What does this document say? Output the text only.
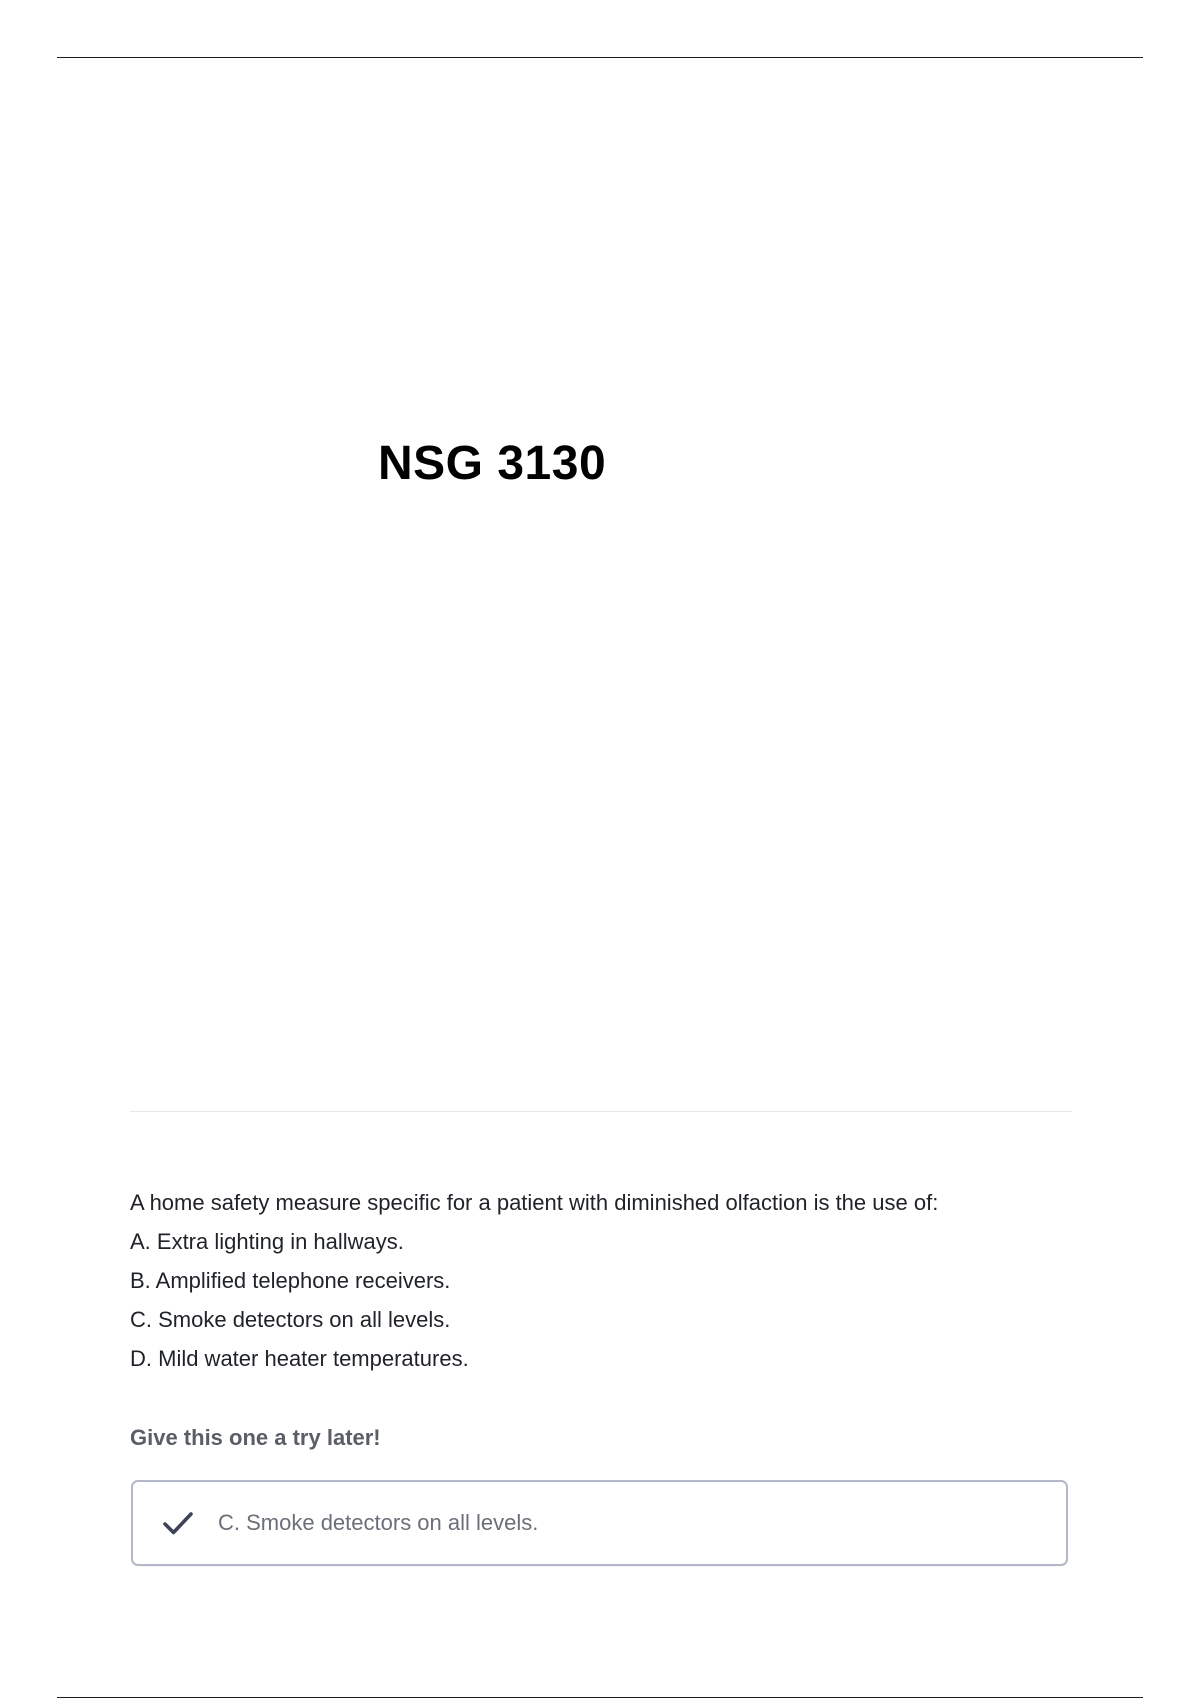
NSG 3130

A home safety measure specific for a patient with diminished olfaction is the use of:

A. Extra lighting in hallways.
B. Amplified telephone receivers.
C. Smoke detectors on all levels.
D. Mild water heater temperatures.
Give this one a try later!
C. Smoke detectors on all levels.
